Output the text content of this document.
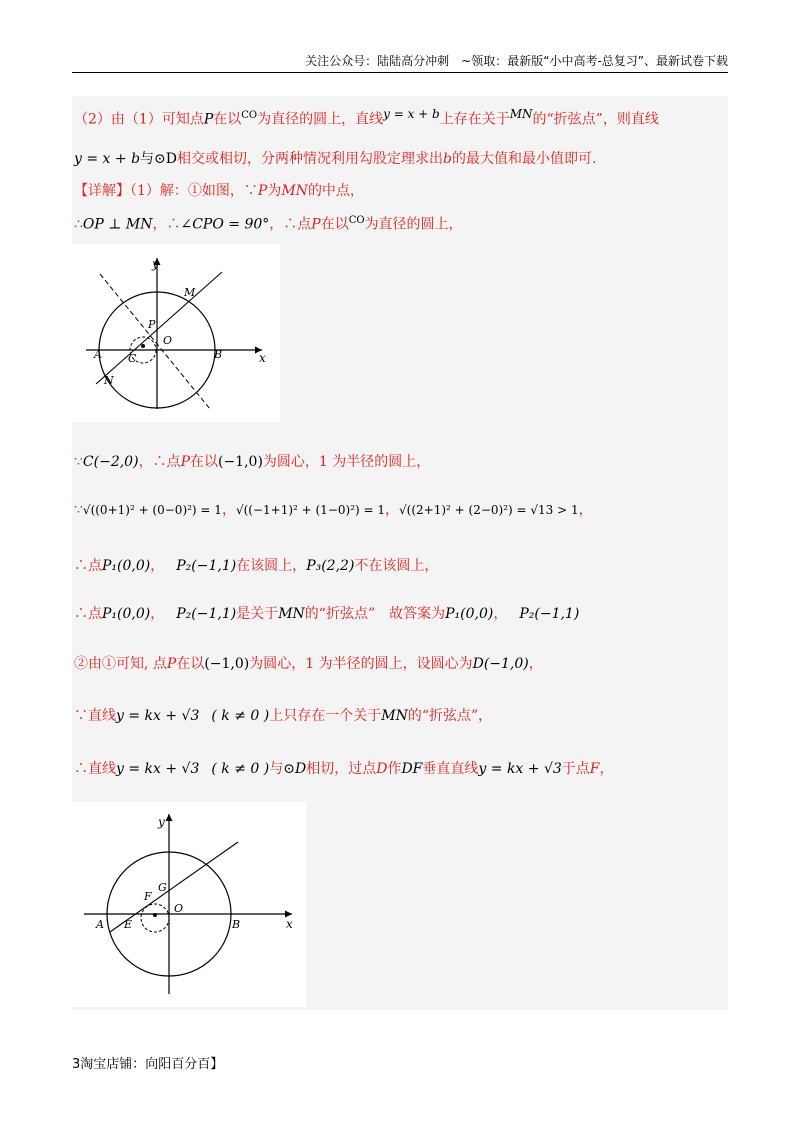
关注公众号：陆陆高分冲刺　~领取：最新版“小中高考-总复习”、最新试卷下载
（2）由（1）可知点P在以$^{CO}$为直径的圆上，直线y = x + b上存在关于MN的“折弦点”，则直线
y = x + b与⊙D相交或相切，分两种情况利用勾股定理求出b的最大值和最小值即可.
【详解】（1）解：①如图，∵P为MN的中点，
∴OP ⊥ MN，∴∠CPO = 90°，∴点P在以$^{CO}$为直径的圆上，
y
x
M
P
O
A C	B
N
∵C(−2,0)，∴点P在以(−1,0)为圆心，1 为半径的圆上，
∵√((0+1)² + (0−0)²) = 1，√((−1+1)² + (1−0)²) = 1，√((2+1)² + (2−0)²) = √13 > 1，
∴点P₁(0,0)， P₂(−1,1)在该圆上，P₃(2,2)不在该圆上，
∴点P₁(0,0)， P₂(−1,1)是关于MN的“折弦点”　故答案为P₁(0,0)， P₂(−1,1)
②由①可知, 点P在以(−1,0)为圆心，1 为半径的圆上，设圆心为D(−1,0)，
∵直线y = kx + √3 ( k ≠ 0 )上只存在一个关于MN的“折弦点”，
∴直线y = kx + √3 ( k ≠ 0 )与⊙D相切，过点D作DF垂直直线y = kx + √3于点F，
y
x
F
G
O
A E	B
3淘宝店铺：向阳百分百】
